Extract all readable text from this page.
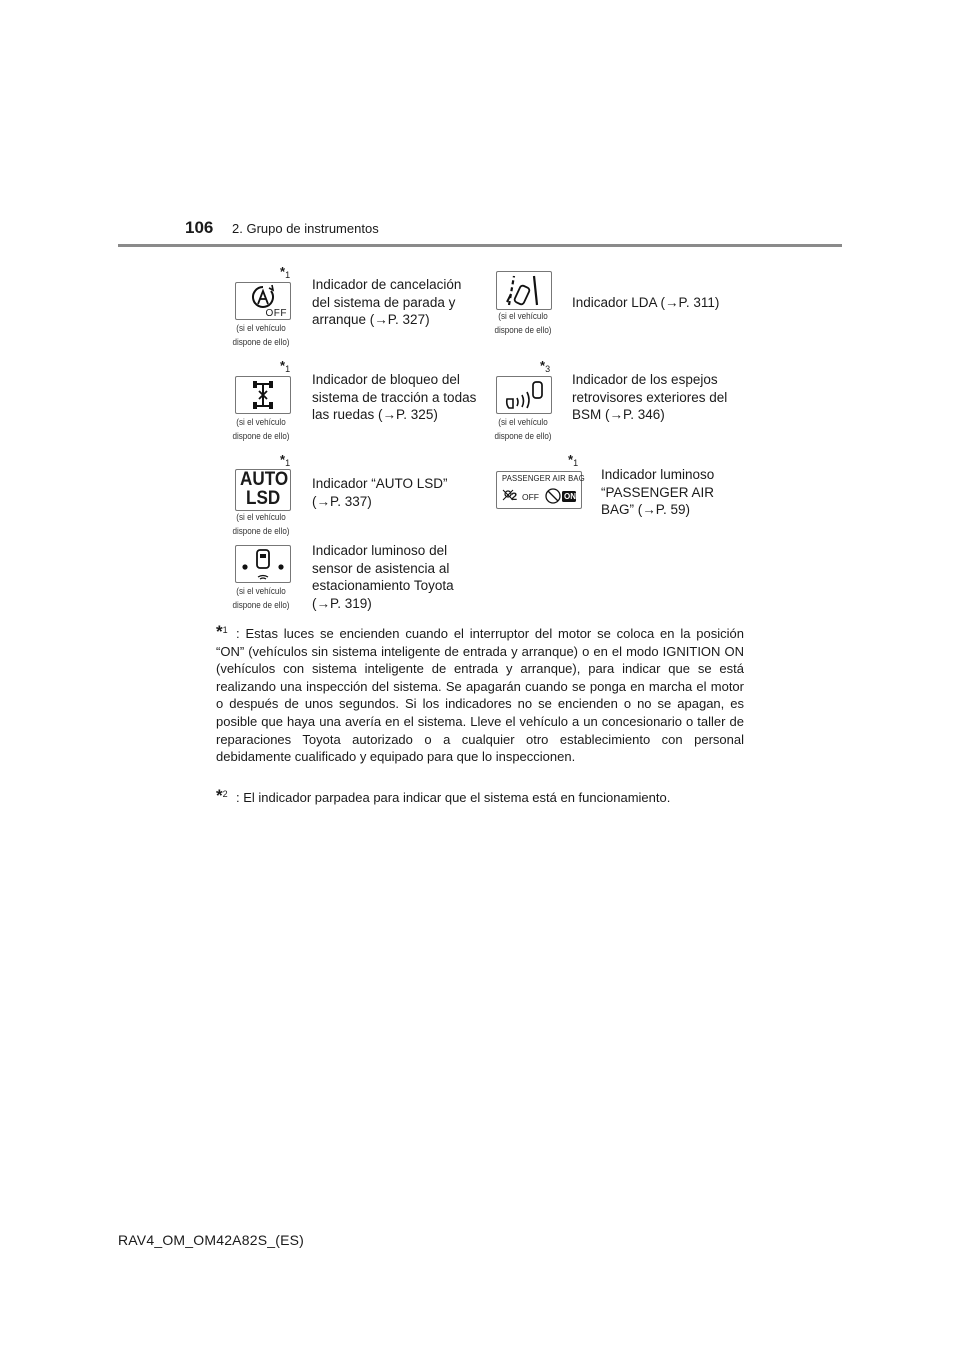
106 2. Grupo de instrumentos
$*_1$
OFF
(si el vehículo
dispone de ello)
Indicador de cancelación
del sistema de parada y
arranque (→P. 327)	(si el vehículo
dispone de ello)
Indicador LDA (→P. 311)
$*_1$
(si el vehículo
dispone de ello)
Indicador de bloqueo del
sistema de tracción a todas
las ruedas (→P. 325)
$*_3$
(si el vehículo
dispone de ello)
Indicador de los espejos
retrovisores exteriores del
BSM (→P. 346)
$*_1$
AUTO
LSD
(si el vehículo
dispone de ello)
Indicador “AUTO LSD”
(→P. 337)
$*_1$
PASSENGER AIR BAG
2 OFF	ON
Indicador luminoso
“PASSENGER AIR
BAG” (→P. 59)
(si el vehículo
dispone de ello)
Indicador luminoso del
sensor de asistencia al
estacionamiento Toyota
(→P. 319)
$*_1$ : Estas luces se encienden cuando el interruptor del motor se coloca en la posición “ON” (vehículos sin sistema inteligente de entrada y arranque) o en el modo IGNITION ON (vehículos con sistema inteligente de entrada y arranque), para indicar que se está realizando una inspección del sistema. Se apagarán cuando se ponga en marcha el motor o después de unos segundos. Si los indicadores no se encienden o no se apagan, es posible que haya una avería en el sistema. Lleve el vehículo a un concesionario o taller de reparaciones Toyota autorizado o a cualquier otro establecimiento con personal debidamente cualificado y equipado para que lo inspeccionen.
$*_2$ : El indicador parpadea para indicar que el sistema está en funcionamiento.
RAV4_OM_OM42A82S_(ES)
